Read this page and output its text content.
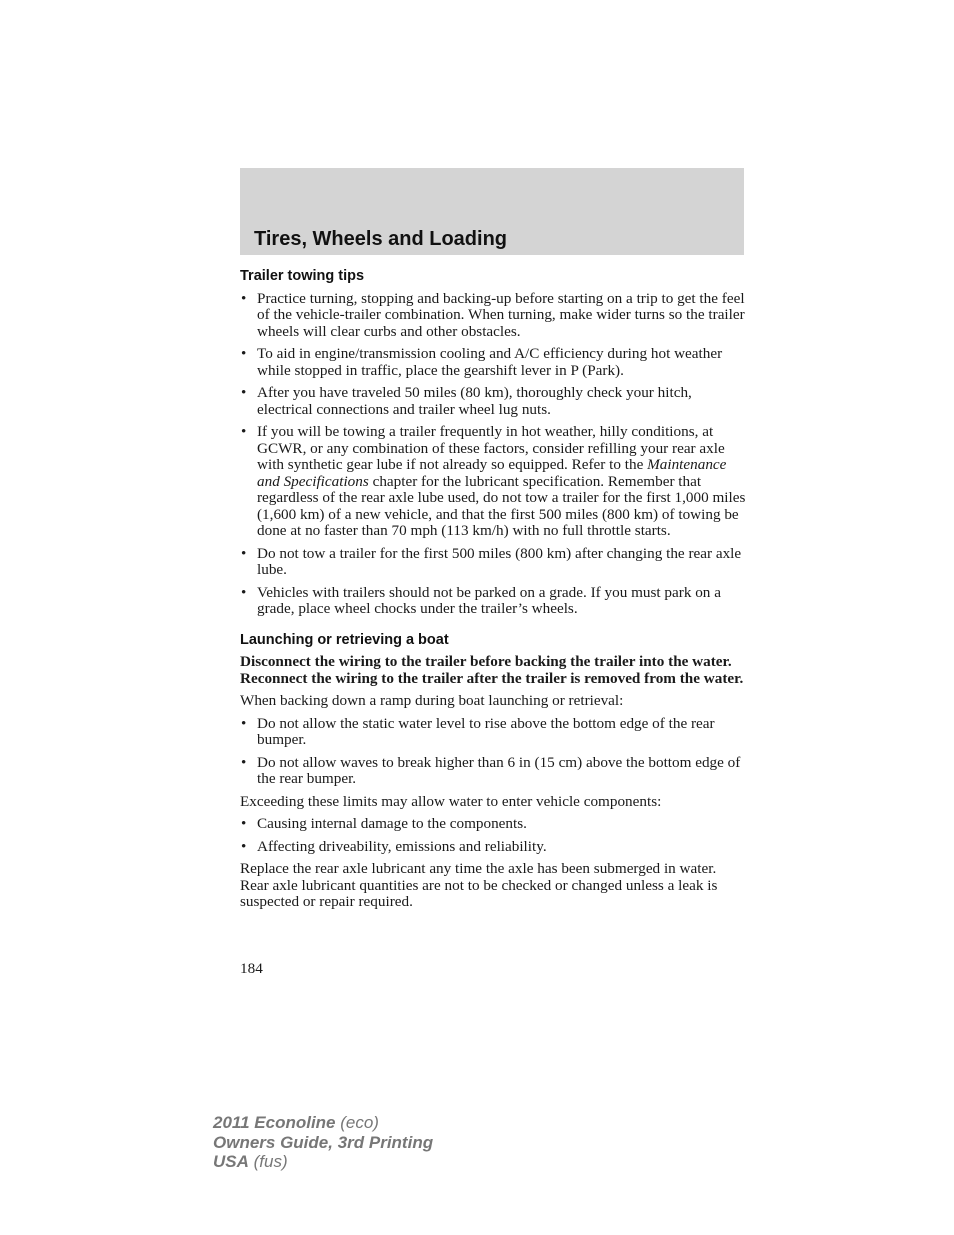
Tires, Wheels and Loading
Trailer towing tips
• Practice turning, stopping and backing-up before starting on a trip to get the feel of the vehicle-trailer combination. When turning, make wider turns so the trailer wheels will clear curbs and other obstacles.
• To aid in engine/transmission cooling and A/C efficiency during hot weather while stopped in traffic, place the gearshift lever in P (Park).
• After you have traveled 50 miles (80 km), thoroughly check your hitch, electrical connections and trailer wheel lug nuts.
• If you will be towing a trailer frequently in hot weather, hilly conditions, at GCWR, or any combination of these factors, consider refilling your rear axle with synthetic gear lube if not already so equipped. Refer to the Maintenance and Specifications chapter for the lubricant specification. Remember that regardless of the rear axle lube used, do not tow a trailer for the first 1,000 miles (1,600 km) of a new vehicle, and that the first 500 miles (800 km) of towing be done at no faster than 70 mph (113 km/h) with no full throttle starts.
• Do not tow a trailer for the first 500 miles (800 km) after changing the rear axle lube.
• Vehicles with trailers should not be parked on a grade. If you must park on a grade, place wheel chocks under the trailer’s wheels.
Launching or retrieving a boat

Disconnect the wiring to the trailer before backing the trailer into the water. Reconnect the wiring to the trailer after the trailer is removed from the water.

When backing down a ramp during boat launching or retrieval:

• Do not allow the static water level to rise above the bottom edge of the rear bumper.
• Do not allow waves to break higher than 6 in (15 cm) above the bottom edge of the rear bumper.

Exceeding these limits may allow water to enter vehicle components:

• Causing internal damage to the components.
• Affecting driveability, emissions and reliability.

Replace the rear axle lubricant any time the axle has been submerged in water. Rear axle lubricant quantities are not to be checked or changed unless a leak is suspected or repair required.

184
2011 Econoline (eco)
Owners Guide, 3rd Printing
USA (fus)
